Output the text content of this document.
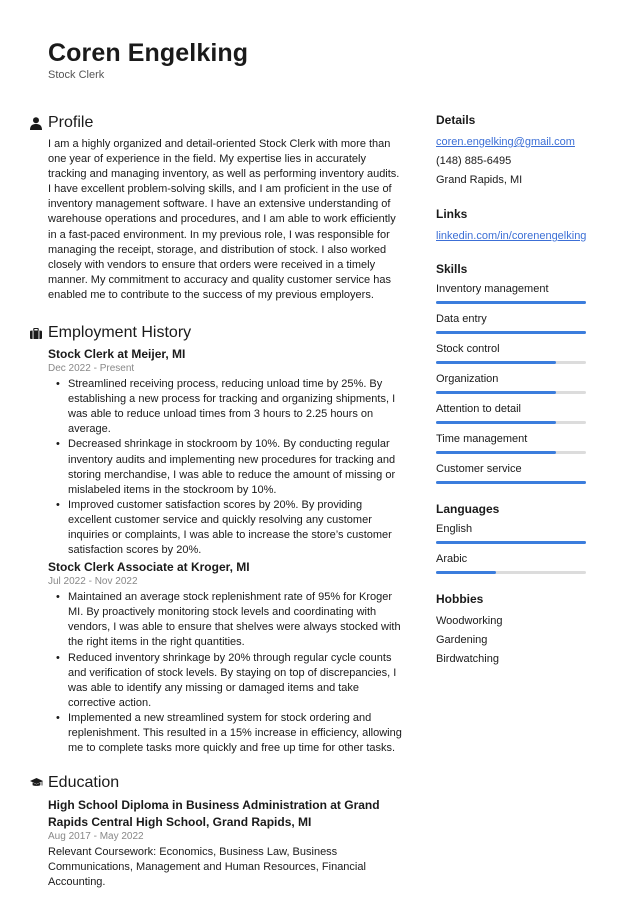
Coren Engelking
Stock Clerk
Profile

I am a highly organized and detail-oriented Stock Clerk with more than one year of experience in the field. My expertise lies in accurately tracking and managing inventory, as well as performing inventory audits. I have excellent problem-solving skills, and I am proficient in the use of inventory management software. I have an extensive understanding of warehouse operations and procedures, and I am able to work efficiently in a fast-paced environment. In my previous role, I was responsible for managing the receipt, storage, and distribution of stock. I also worked closely with vendors to ensure that orders were received in a timely manner. My commitment to accuracy and quality customer service has enabled me to contribute to the success of my previous employers.

Employment History
Stock Clerk at Meijer, MI
Dec 2022 - Present
• Streamlined receiving process, reducing unload time by 25%. By establishing a new process for tracking and organizing shipments, I was able to reduce unload times from 3 hours to 2.25 hours on average.
• Decreased shrinkage in stockroom by 10%. By conducting regular inventory audits and implementing new procedures for tracking and storing merchandise, I was able to reduce the amount of missing or mislabeled items in the stockroom by 10%.
• Improved customer satisfaction scores by 20%. By providing excellent customer service and quickly resolving any customer inquiries or complaints, I was able to increase the store’s customer satisfaction scores by 20%.
Stock Clerk Associate at Kroger, MI
Jul 2022 - Nov 2022
• Maintained an average stock replenishment rate of 95% for Kroger MI. By proactively monitoring stock levels and coordinating with vendors, I was able to ensure that shelves were always stocked with the right items in the right quantities.
• Reduced inventory shrinkage by 20% through regular cycle counts and verification of stock levels. By staying on top of discrepancies, I was able to identify any missing or damaged items and take corrective action.
• Implemented a new streamlined system for stock ordering and replenishment. This resulted in a 15% increase in efficiency, allowing me to complete tasks more quickly and free up time for other tasks.
Education
High School Diploma in Business Administration at Grand Rapids Central High School, Grand Rapids, MI
Aug 2017 - May 2022

Relevant Coursework: Economics, Business Law, Business Communications, Management and Human Resources, Financial Accounting.

Details
coren.engelking@gmail.com
(148) 885-6495
Grand Rapids, MI
Links
linkedin.com/in/corenengelking
Skills
Inventory management
Data entry
Stock control
Organization
Attention to detail
Time management
Customer service
Languages
English
Arabic
Hobbies
Woodworking
Gardening
Birdwatching
